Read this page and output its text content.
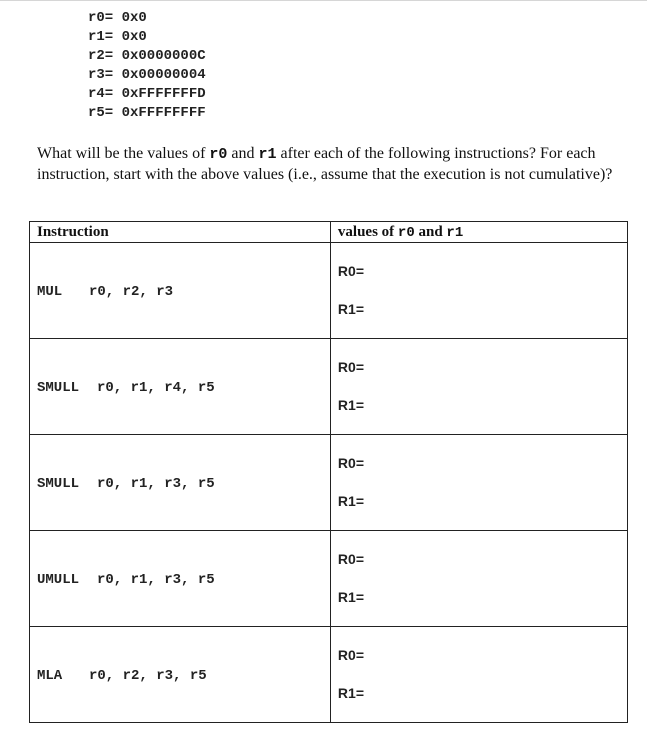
r0= 0x0
r1= 0x0
r2= 0x0000000C
r3= 0x00000004
r4= 0xFFFFFFFD
r5= 0xFFFFFFFF
What will be the values of r0 and r1 after each of the following instructions? For each instruction, start with the above values (i.e., assume that the execution is not cumulative)?
Instruction	values of r0 and r1
MUL r0, r2, r3	R0=
R1=

SMULL r0, r1, r4, r5	R0=
R1=

SMULL r0, r1, r3, r5	R0=
R1=

UMULL r0, r1, r3, r5	R0=
R1=

MLA r0, r2, r3, r5	R0=
R1=
